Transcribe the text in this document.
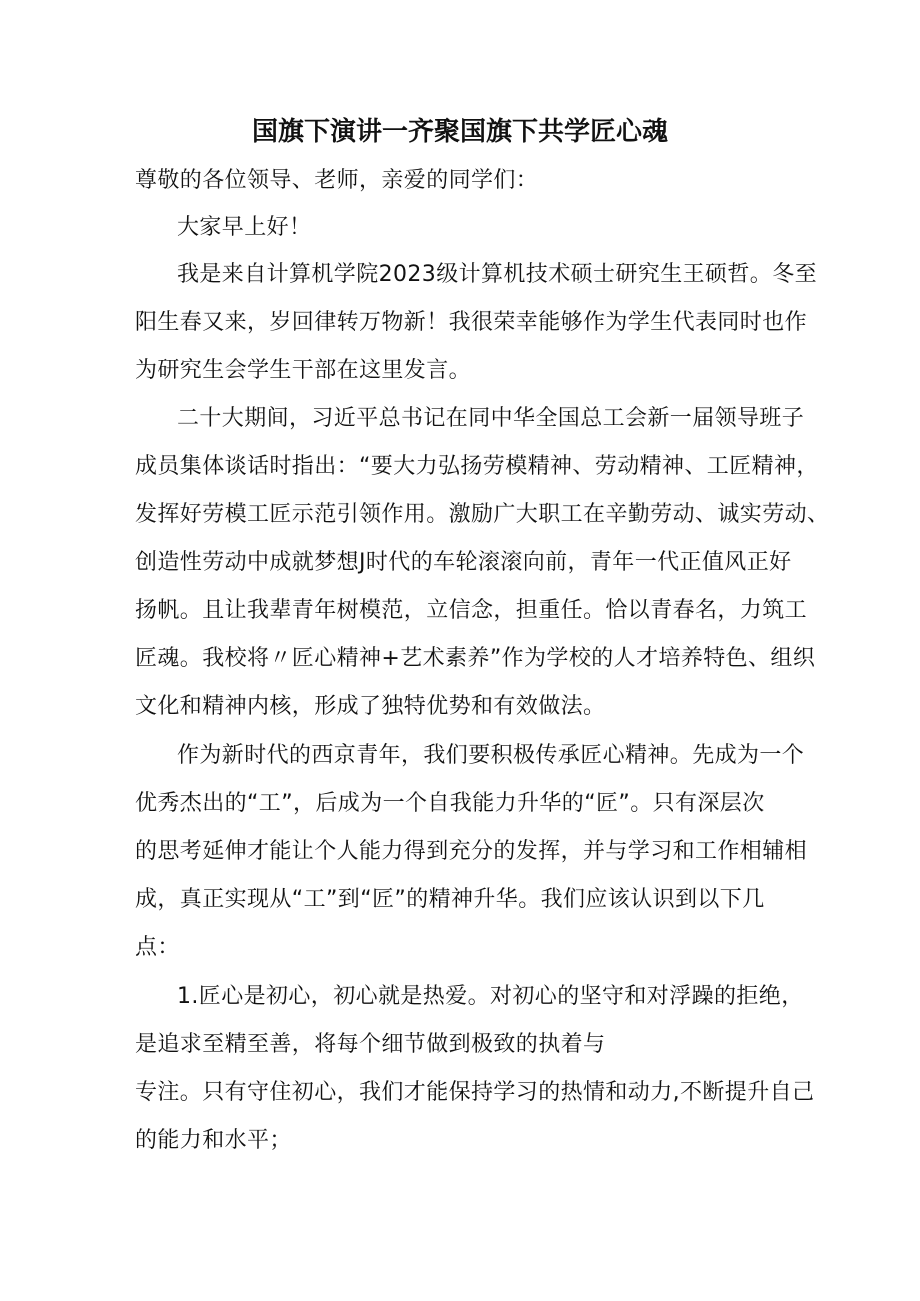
国旗下演讲一齐聚国旗下共学匠心魂
尊敬的各位领导、老师，亲爱的同学们：
大家早上好！
我是来自计算机学院2023级计算机技术硕士研究生王硕哲。冬至
阳生春又来，岁回律转万物新！我很荣幸能够作为学生代表同时也作
为研究生会学生干部在这里发言。
二十大期间，习近平总书记在同中华全国总工会新一届领导班子
成员集体谈话时指出：“要大力弘扬劳模精神、劳动精神、工匠精神，
发挥好劳模工匠示范引领作用。激励广大职工在辛勤劳动、诚实劳动、
创造性劳动中成就梦想J时代的车轮滚滚向前，青年一代正值风正好
扬帆。且让我辈青年树模范，立信念，担重任。恰以青春名，力筑工
匠魂。我校将〃匠心精神+艺术素养”作为学校的人才培养特色、组织
文化和精神内核，形成了独特优势和有效做法。
作为新时代的西京青年，我们要积极传承匠心精神。先成为一个
优秀杰出的“工”，后成为一个自我能力升华的“匠”。只有深层次
的思考延伸才能让个人能力得到充分的发挥，并与学习和工作相辅相
成，真正实现从“工”到“匠”的精神升华。我们应该认识到以下几
点：
1.匠心是初心，初心就是热爱。对初心的坚守和对浮躁的拒绝，
是追求至精至善，将每个细节做到极致的执着与
专注。只有守住初心，我们才能保持学习的热情和动力,不断提升自己
的能力和水平；
